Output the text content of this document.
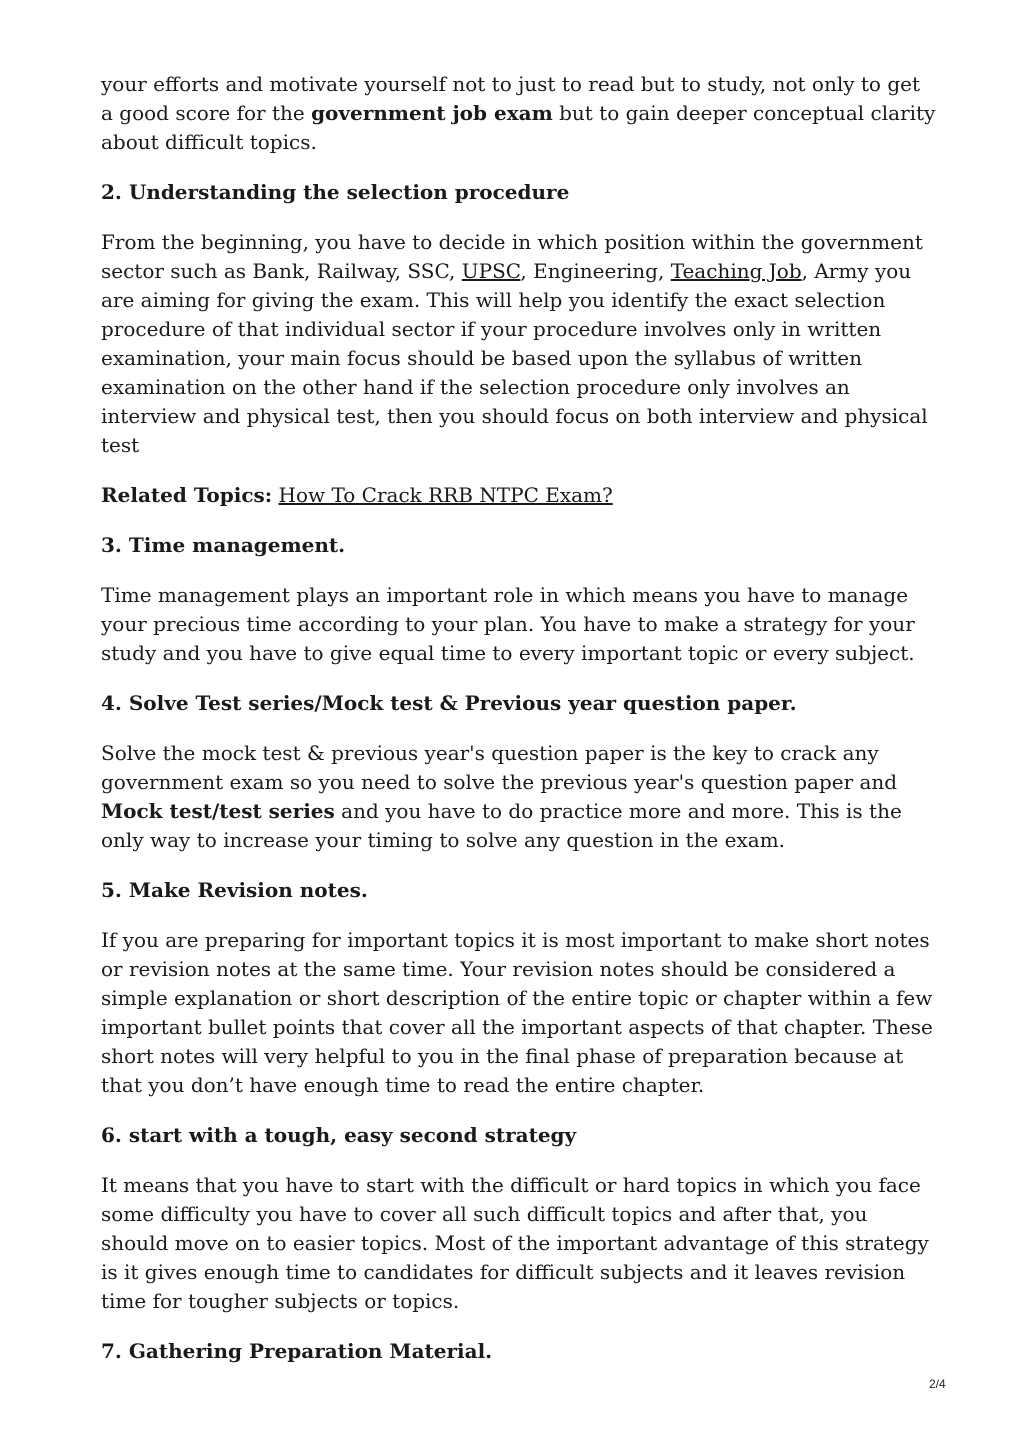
your efforts and motivate yourself not to just to read but to study, not only to get a good score for the government job exam but to gain deeper conceptual clarity about difficult topics.

2. Understanding the selection procedure

From the beginning, you have to decide in which position within the government sector such as Bank, Railway, SSC, UPSC, Engineering, Teaching Job, Army you are aiming for giving the exam. This will help you identify the exact selection procedure of that individual sector if your procedure involves only in written examination, your main focus should be based upon the syllabus of written examination on the other hand if the selection procedure only involves an interview and physical test, then you should focus on both interview and physical test

Related Topics: How To Crack RRB NTPC Exam?

3. Time management.

Time management plays an important role in which means you have to manage your precious time according to your plan. You have to make a strategy for your study and you have to give equal time to every important topic or every subject.

4. Solve Test series/Mock test & Previous year question paper.

Solve the mock test & previous year's question paper is the key to crack any government exam so you need to solve the previous year's question paper and Mock test/test series and you have to do practice more and more. This is the only way to increase your timing to solve any question in the exam.

5. Make Revision notes.

If you are preparing for important topics it is most important to make short notes or revision notes at the same time. Your revision notes should be considered a simple explanation or short description of the entire topic or chapter within a few important bullet points that cover all the important aspects of that chapter. These short notes will very helpful to you in the final phase of preparation because at that you don’t have enough time to read the entire chapter.

6. start with a tough, easy second strategy

It means that you have to start with the difficult or hard topics in which you face some difficulty you have to cover all such difficult topics and after that, you should move on to easier topics. Most of the important advantage of this strategy is it gives enough time to candidates for difficult subjects and it leaves revision time for tougher subjects or topics.

7. Gathering Preparation Material.

2/4
